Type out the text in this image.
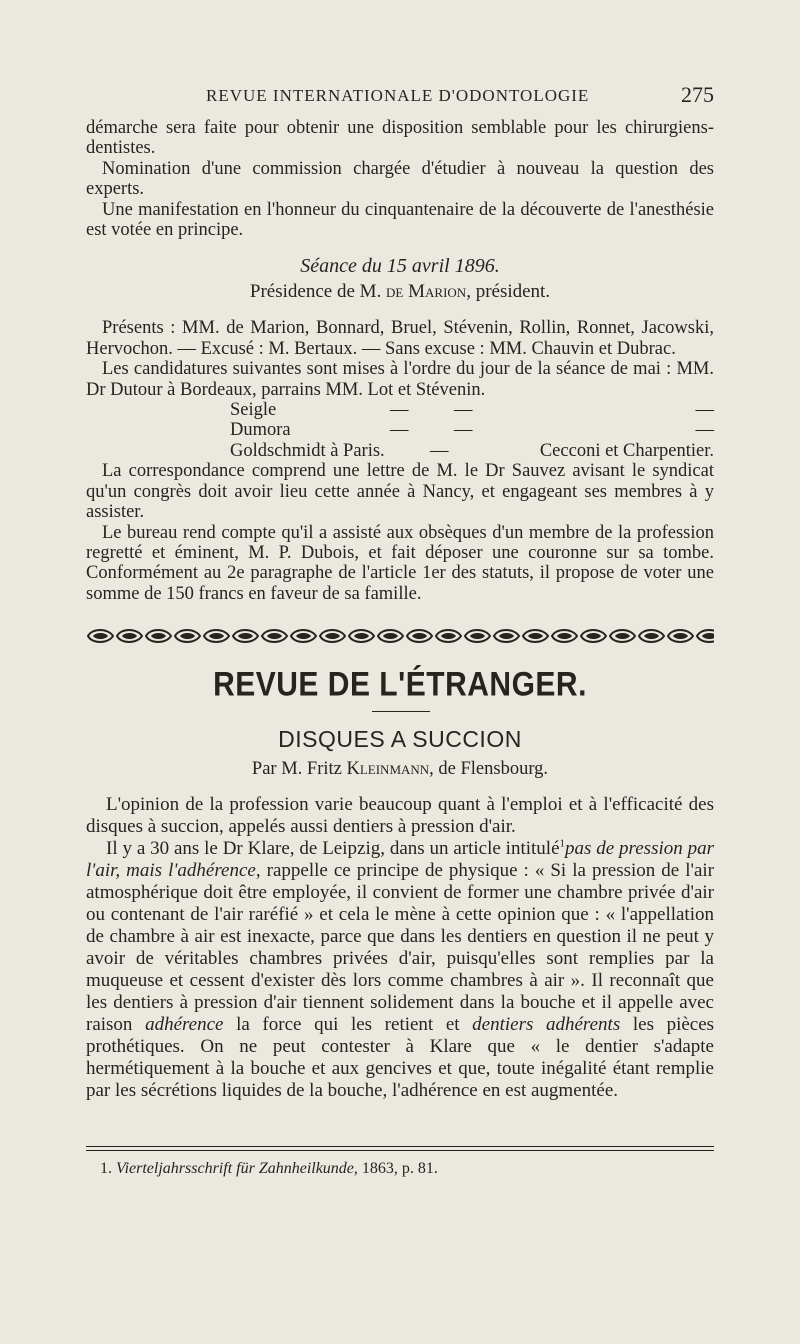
REVUE INTERNATIONALE D'ODONTOLOGIE	275

démarche sera faite pour obtenir une disposition semblable pour les chirurgiens-dentistes.

Nomination d'une commission chargée d'étudier à nouveau la question des experts.

Une manifestation en l'honneur du cinquantenaire de la découverte de l'anesthésie est votée en principe.

Séance du 15 avril 1896.
Présidence de M. de Marion, président.

Présents : MM. de Marion, Bonnard, Bruel, Stévenin, Rollin, Ronnet, Jacowski, Hervochon. — Excusé : M. Bertaux. — Sans excuse : MM. Chauvin et Dubrac.

Les candidatures suivantes sont mises à l'ordre du jour de la séance de mai : MM. Dr Dutour à Bordeaux, parrains MM. Lot et Stévenin.

Seigle	—	—	—
Dumora	—	—	—
Goldschmidt à Paris.	—	Cecconi et Charpentier.

La correspondance comprend une lettre de M. le Dr Sauvez avisant le syndicat qu'un congrès doit avoir lieu cette année à Nancy, et engageant ses membres à y assister.

Le bureau rend compte qu'il a assisté aux obsèques d'un membre de la profession regretté et éminent, M. P. Dubois, et fait déposer une couronne sur sa tombe. Conformément au 2e paragraphe de l'article 1er des statuts, il propose de voter une somme de 150 francs en faveur de sa famille.

REVUE DE L'ÉTRANGER.
DISQUES A SUCCION
Par M. Fritz Kleinmann, de Flensbourg.

L'opinion de la profession varie beaucoup quant à l'emploi et à l'efficacité des disques à succion, appelés aussi dentiers à pression d'air.

Il y a 30 ans le Dr Klare, de Leipzig, dans un article intitulé$^1$pas de pression par l'air, mais l'adhérence, rappelle ce principe de physique : « Si la pression de l'air atmosphérique doit être employée, il convient de former une chambre privée d'air ou contenant de l'air raréfié » et cela le mène à cette opinion que : « l'appellation de chambre à air est inexacte, parce que dans les dentiers en question il ne peut y avoir de véritables chambres privées d'air, puisqu'elles sont remplies par la muqueuse et cessent d'exister dès lors comme chambres à air ». Il reconnaît que les dentiers à pression d'air tiennent solidement dans la bouche et il appelle avec raison adhérence la force qui les retient et dentiers adhérents les pièces prothétiques. On ne peut contester à Klare que « le dentier s'adapte hermétiquement à la bouche et aux gencives et que, toute inégalité étant remplie par les sécrétions liquides de la bouche, l'adhérence en est augmentée.

1. Vierteljahrsschrift für Zahnheilkunde, 1863, p. 81.
